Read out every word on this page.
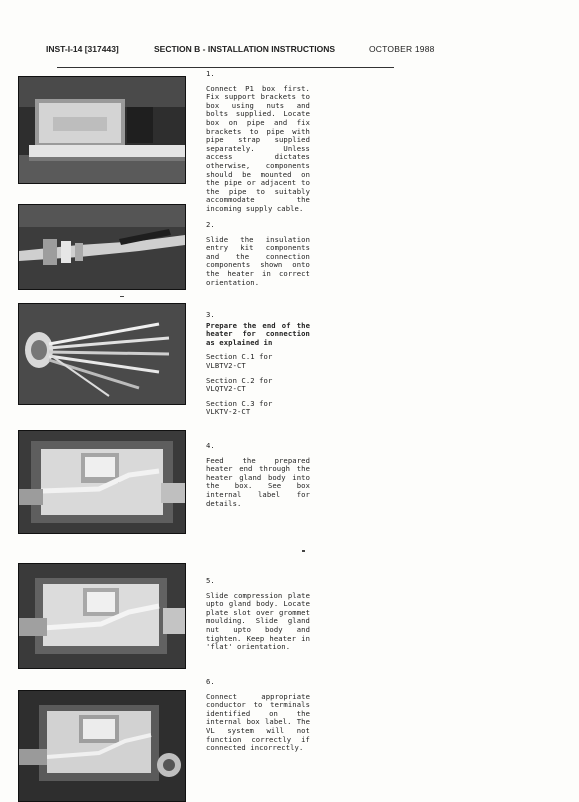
INST-I-14 [317443]	SECTION B - INSTALLATION INSTRUCTIONS	OCTOBER 1988
1.
Connect P1 box first. Fix support brackets to box using nuts and bolts supplied. Locate box on pipe and fix brackets to pipe with pipe strap supplied separately. Unless access dictates otherwise, components should be mounted on the pipe or adjacent to the pipe to suitably accommodate the incoming supply cable.
2.
Slide the insulation entry kit components and the connection components shown onto the heater in correct orientation.
3.
Prepare the end of the heater for connection as explained in
Section C.1 for
VLBTV2-CT
Section C.2 for
VLQTV2-CT
Section C.3 for
VLKTV-2-CT
4.
Feed the prepared heater end through the heater gland body into the box. See box internal label for details.
5.
Slide compression plate upto gland body. Locate plate slot over grommet moulding. Slide gland nut upto body and tighten. Keep heater in 'flat' orientation.
6.
Connect appropriate conductor to terminals identified on the internal box label. The VL system will not function correctly if connected incorrectly.
